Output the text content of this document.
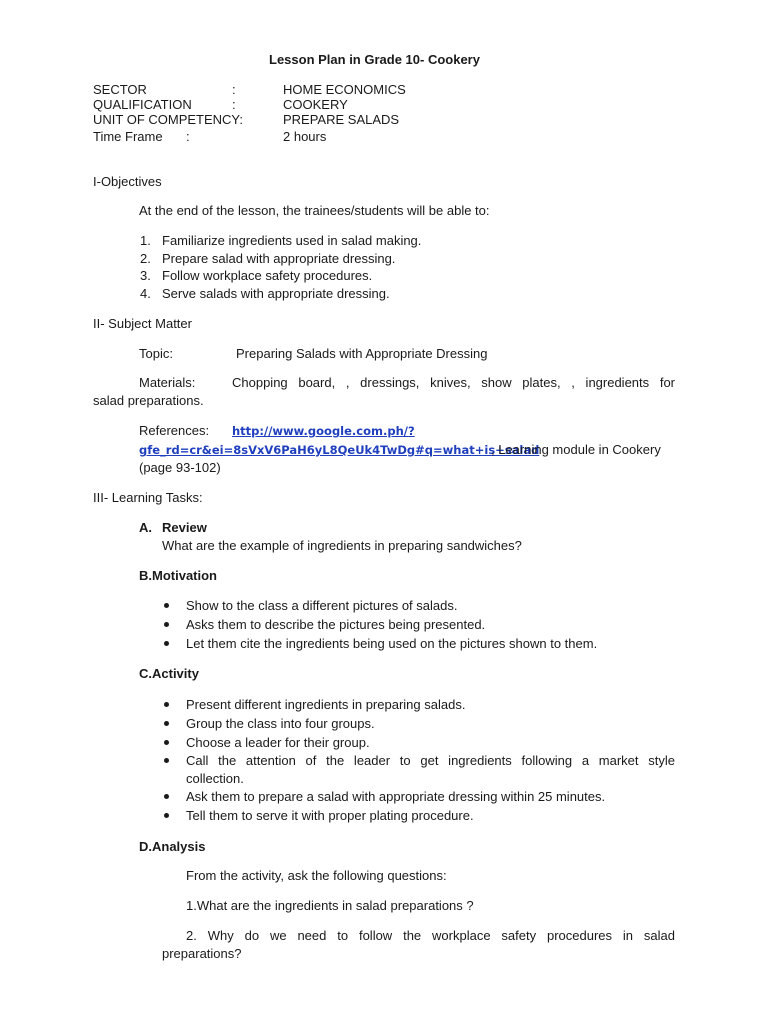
Lesson Plan in Grade 10- Cookery
SECTOR	:	HOME ECONOMICS
QUALIFICATION	:	COOKERY
UNIT OF COMPETENCY:	PREPARE SALADS
Time Frame :	2 hours
I-Objectives
At the end of the lesson, the trainees/students will be able to:
1. Familiarize ingredients used in salad making.
2. Prepare salad with appropriate dressing.
3. Follow workplace safety procedures.
4. Serve salads with appropriate dressing.
II- Subject Matter
Topic:	Preparing Salads with Appropriate Dressing
Materials:	Chopping board, , dressings, knives, show plates, , ingredients for
salad preparations.
References: http://www.google.com.ph/?
gfe_rd=cr&ei=8sVxV6PaH6yL8QeUk4TwDg#q=what+is+salad
, Learning module in Cookery
(page 93-102)
III- Learning Tasks:
A. Review
What are the example of ingredients in preparing sandwiches?
B.Motivation
Show to the class a different pictures of salads.
Asks them to describe the pictures being presented.
Let them cite the ingredients being used on the pictures shown to them.
C.Activity
Present different ingredients in preparing salads.
Group the class into four groups.
Choose a leader for their group.
Call the attention of the leader to get ingredients following a market style
collection.
Ask them to prepare a salad with appropriate dressing within 25 minutes.
Tell them to serve it with proper plating procedure.
D.Analysis
From the activity, ask the following questions:
1.What are the ingredients in salad preparations ?
2. Why do we need to follow the workplace safety procedures in salad
preparations?
